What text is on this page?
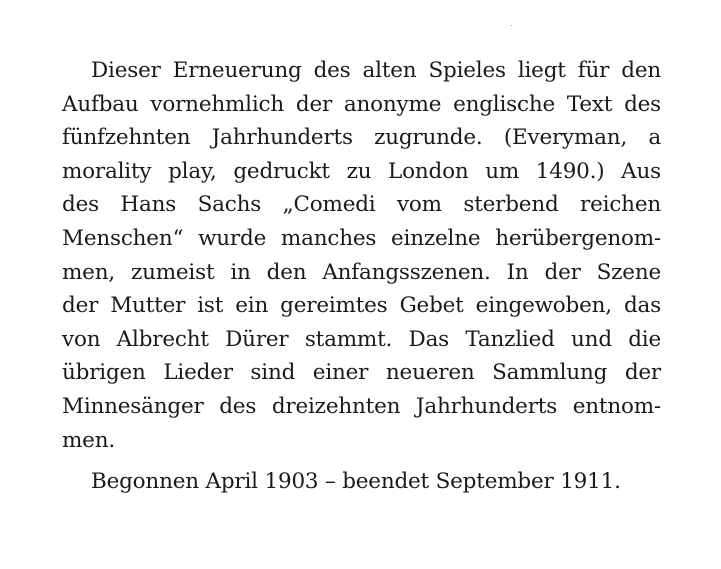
Dieser Erneuerung des alten Spieles liegt für den
Aufbau vornehmlich der anonyme englische Text des
fünfzehnten Jahrhunderts zugrunde. (Everyman, a
morality play, gedruckt zu London um 1490.) Aus
des Hans Sachs „Comedi vom sterbend reichen
Menschen“ wurde manches einzelne herübergenom-
men, zumeist in den Anfangsszenen. In der Szene
der Mutter ist ein gereimtes Gebet eingewoben, das
von Albrecht Dürer stammt. Das Tanzlied und die
übrigen Lieder sind einer neueren Sammlung der
Minnesänger des dreizehnten Jahrhunderts entnom-
men.
Begonnen April 1903 – beendet September 1911.
